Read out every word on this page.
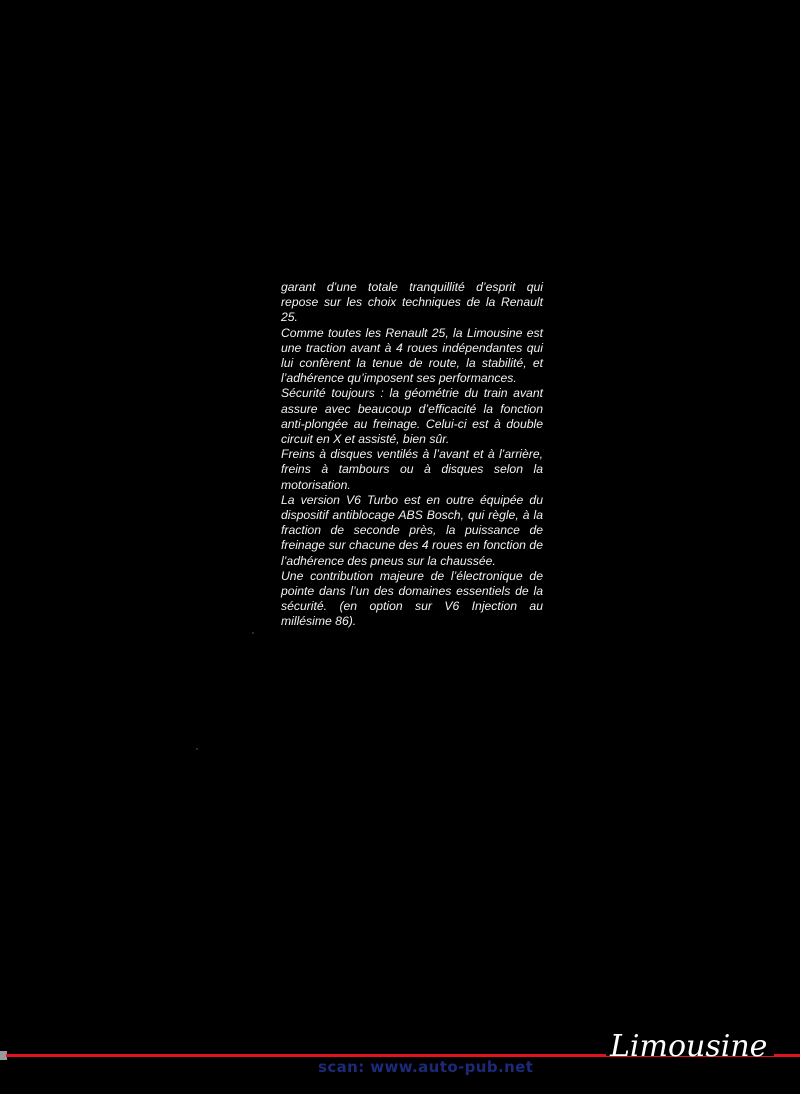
garant d’une totale tranquillité d’esprit qui repose sur les choix techniques de la Renault 25.

Comme toutes les Renault 25, la Limousine est une traction avant à 4 roues indépendantes qui lui confèrent la tenue de route, la stabilité, et l’adhérence qu’imposent ses performances.

Sécurité toujours : la géométrie du train avant assure avec beaucoup d’efficacité la fonction anti-plongée au freinage. Celui-ci est à double circuit en X et assisté, bien sûr.

Freins à disques ventilés à l’avant et à l’arrière, freins à tambours ou à disques selon la motorisation.

La version V6 Turbo est en outre équipée du dispositif antiblocage ABS Bosch, qui règle, à la fraction de seconde près, la puissance de freinage sur chacune des 4 roues en fonction de l’adhérence des pneus sur la chaussée.

Une contribution majeure de l’électronique de pointe dans l’un des domaines essentiels de la sécurité. (en option sur V6 Injection au millésime 86).

Limousine
scan: www.auto-pub.net
